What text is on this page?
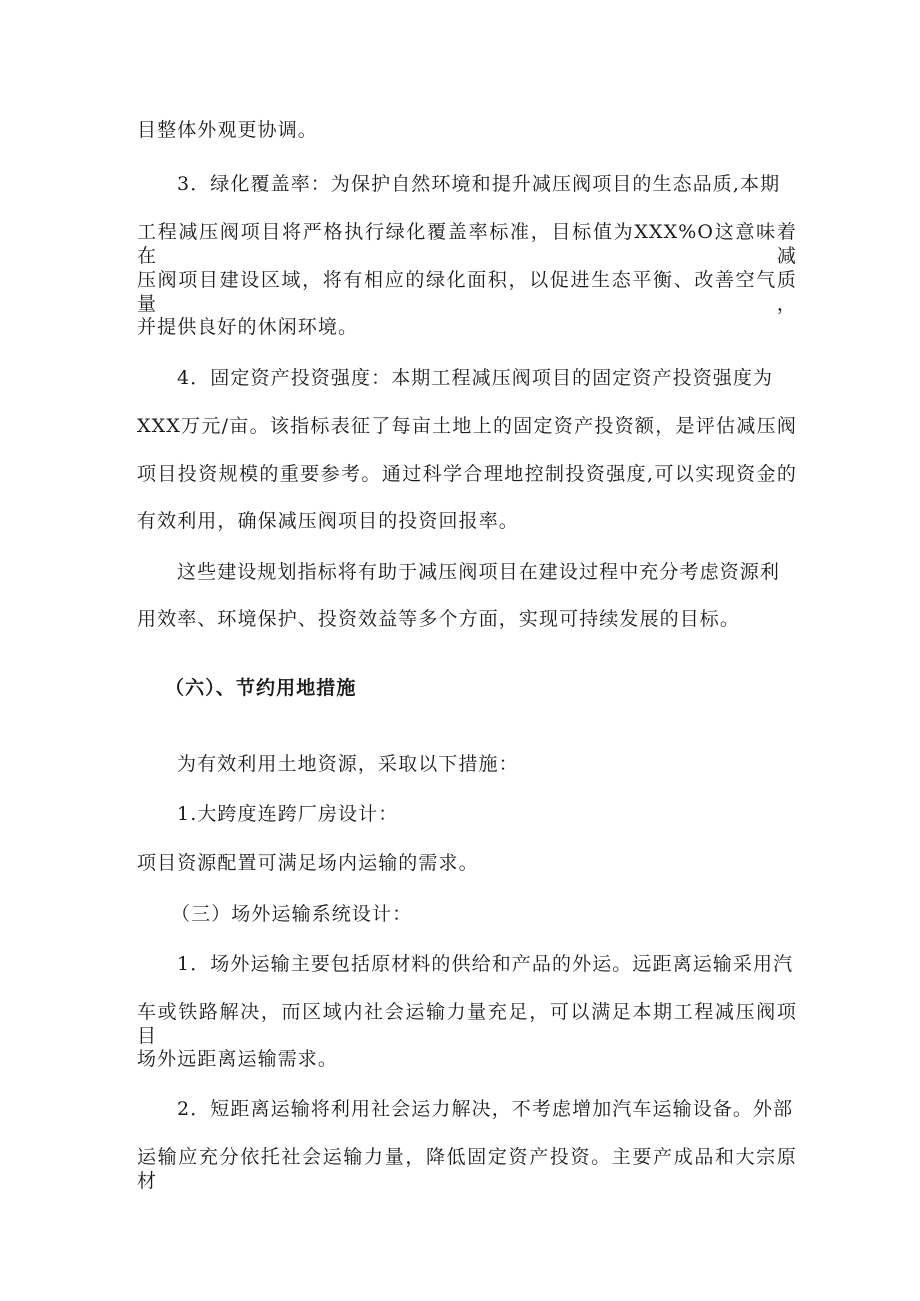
目整体外观更协调。
3．绿化覆盖率：为保护自然环境和提升减压阀项目的生态品质,本期
工程减压阀项目将严格执行绿化覆盖率标准，目标值为XXX%O这意味着在减
压阀项目建设区域，将有相应的绿化面积，以促进生态平衡、改善空气质量，
并提供良好的休闲环境。
4．固定资产投资强度：本期工程减压阀项目的固定资产投资强度为
XXX万元/亩。该指标表征了每亩土地上的固定资产投资额，是评估减压阀
项目投资规模的重要参考。通过科学合理地控制投资强度,可以实现资金的
有效利用，确保减压阀项目的投资回报率。
这些建设规划指标将有助于减压阀项目在建设过程中充分考虑资源利
用效率、环境保护、投资效益等多个方面，实现可持续发展的目标。
（六）、节约用地措施
为有效利用土地资源，采取以下措施：
1.大跨度连跨厂房设计：
项目资源配置可满足场内运输的需求。
（三）场外运输系统设计：
1．场外运输主要包括原材料的供给和产品的外运。远距离运输采用汽
车或铁路解决，而区域内社会运输力量充足，可以满足本期工程减压阀项目
场外远距离运输需求。
2．短距离运输将利用社会运力解决，不考虑增加汽车运输设备。外部
运输应充分依托社会运输力量，降低固定资产投资。主要产成品和大宗原材
